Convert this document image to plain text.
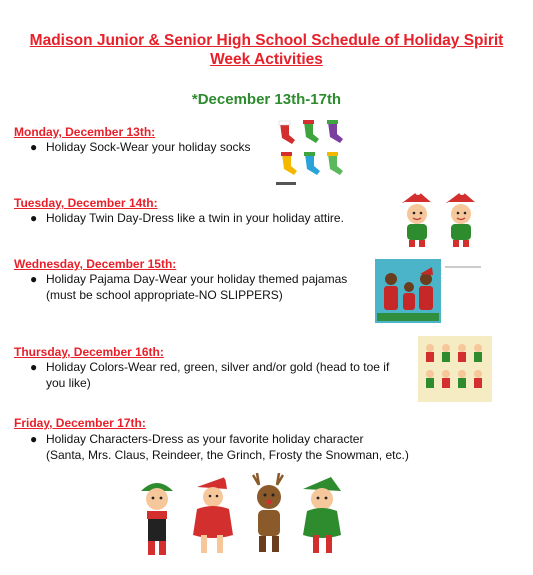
Madison Junior & Senior High School Schedule of Holiday Spirit
Week Activities
*December 13th-17th
Monday, December 13th:
● Holiday Sock-Wear your holiday socks
Tuesday, December 14th:
● Holiday Twin Day-Dress like a twin in your holiday attire.
Wednesday, December 15th:
● Holiday Pajama Day-Wear your holiday themed pajamas
(must be school appropriate-NO SLIPPERS)
Thursday, December 16th:
● Holiday Colors-Wear red, green, silver and/or gold (head to toe if
you like)
Friday, December 17th:
● Holiday Characters-Dress as your favorite holiday character
(Santa, Mrs. Claus, Reindeer, the Grinch, Frosty the Snowman, etc.)
